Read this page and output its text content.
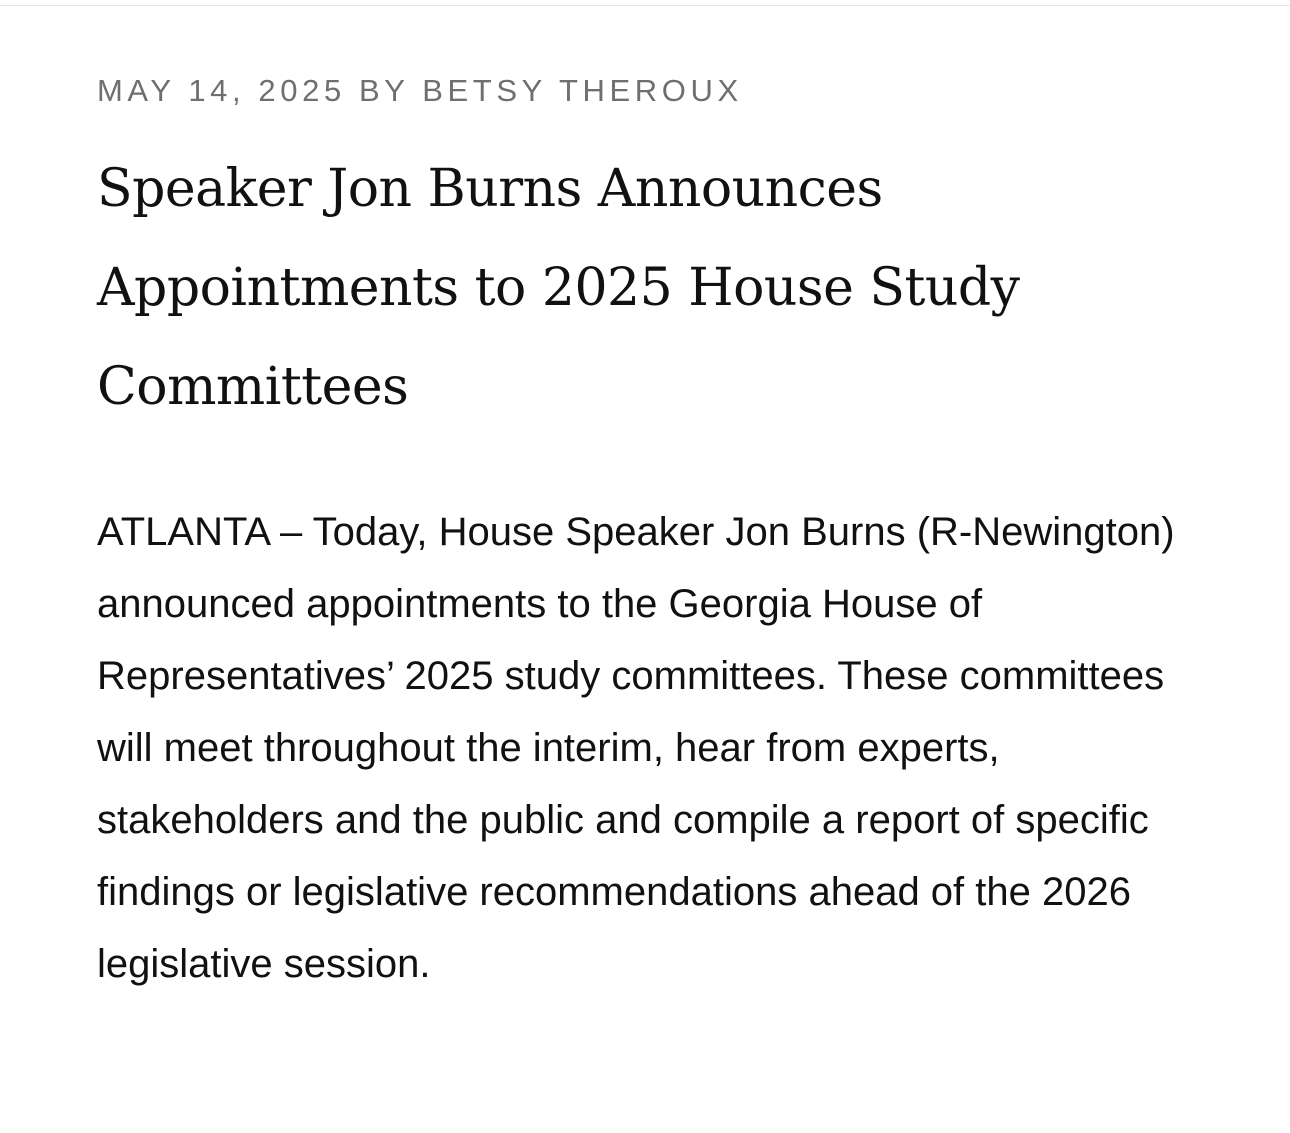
MAY 14, 2025 BY BETSY THEROUX
Speaker Jon Burns Announces Appointments to 2025 House Study Committees

ATLANTA – Today, House Speaker Jon Burns (R-Newington) announced appointments to the Georgia House of Representatives’ 2025 study committees. These committees will meet throughout the interim, hear from experts, stakeholders and the public and compile a report of specific findings or legislative recommendations ahead of the 2026 legislative session.
